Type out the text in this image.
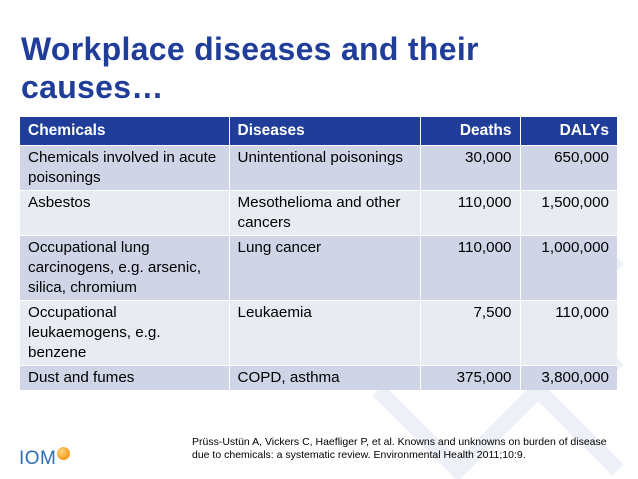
Workplace diseases and their causes…
Chemicals	Diseases	Deaths	DALYs
Chemicals involved in acute poisonings	Unintentional poisonings	30,000	650,000
Asbestos	Mesothelioma and other cancers	110,000	1,500,000
Occupational lung carcinogens, e.g. arsenic, silica, chromium	Lung cancer	110,000	1,000,000
Occupational leukaemogens, e.g. benzene	Leukaemia	7,500	110,000
Dust and fumes	COPD, asthma	375,000	3,800,000
IOM
Prüss-Ustün A, Vickers C, Haefliger P, et al. Knowns and unknowns on burden of disease due to chemicals: a systematic review. Environmental Health 2011;10:9.
